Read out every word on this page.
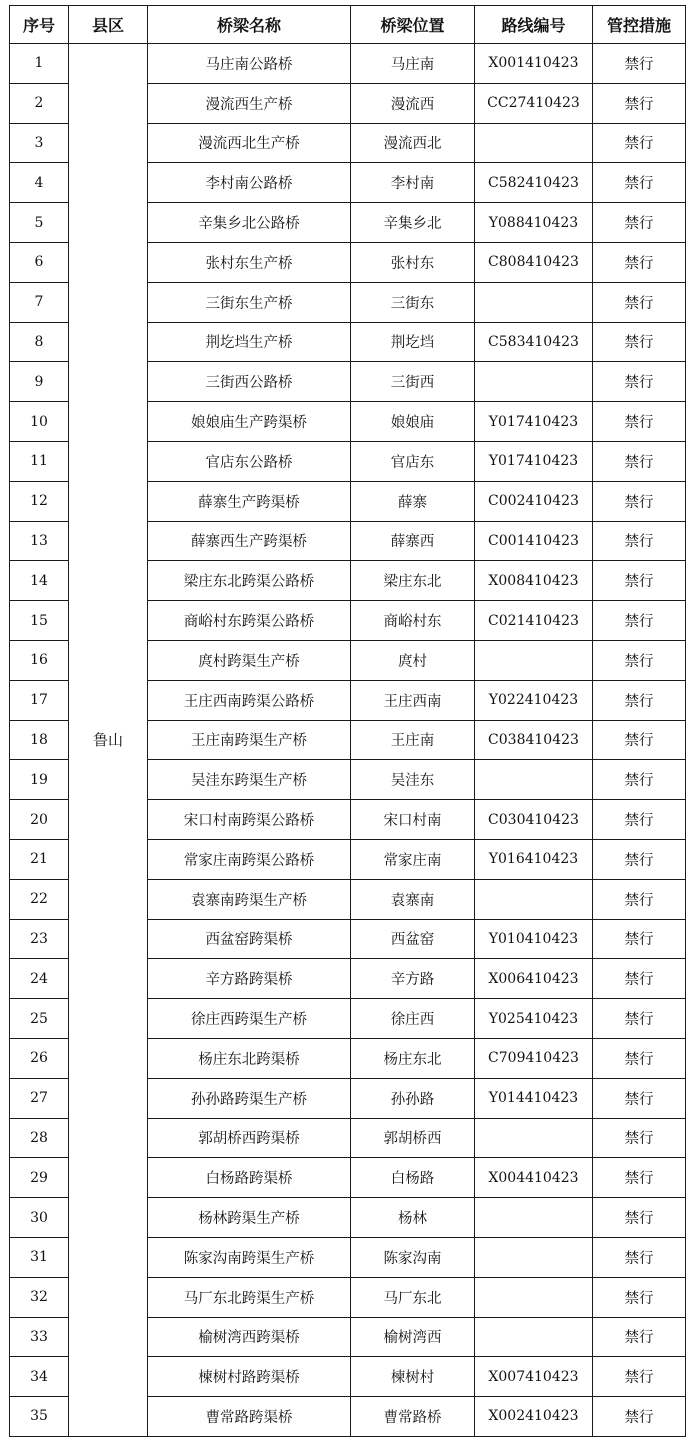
序号	县区	桥梁名称	桥梁位置	路线编号	管控措施
1	鲁山	马庄南公路桥	马庄南	X001410423	禁行
2		漫流西生产桥	漫流西	CC27410423	禁行
3		漫流西北生产桥	漫流西北		禁行
4		李村南公路桥	李村南	C582410423	禁行
5		辛集乡北公路桥	辛集乡北	Y088410423	禁行
6		张村东生产桥	张村东	C808410423	禁行
7		三街东生产桥	三街东		禁行
8		荆圪垱生产桥	荆圪垱	C583410423	禁行
9		三街西公路桥	三街西		禁行
10		娘娘庙生产跨渠桥	娘娘庙	Y017410423	禁行
11		官店东公路桥	官店东	Y017410423	禁行
12		薛寨生产跨渠桥	薛寨	C002410423	禁行
13		薛寨西生产跨渠桥	薛寨西	C001410423	禁行
14		梁庄东北跨渠公路桥	梁庄东北	X008410423	禁行
15		商峪村东跨渠公路桥	商峪村东	C021410423	禁行
16		庹村跨渠生产桥	庹村		禁行
17		王庄西南跨渠公路桥	王庄西南	Y022410423	禁行
18		王庄南跨渠生产桥	王庄南	C038410423	禁行
19		吴洼东跨渠生产桥	吴洼东		禁行
20		宋口村南跨渠公路桥	宋口村南	C030410423	禁行
21		常家庄南跨渠公路桥	常家庄南	Y016410423	禁行
22		袁寨南跨渠生产桥	袁寨南		禁行
23		西盆窑跨渠桥	西盆窑	Y010410423	禁行
24		辛方路跨渠桥	辛方路	X006410423	禁行
25		徐庄西跨渠生产桥	徐庄西	Y025410423	禁行
26		杨庄东北跨渠桥	杨庄东北	C709410423	禁行
27		孙孙路跨渠生产桥	孙孙路	Y014410423	禁行
28		郭胡桥西跨渠桥	郭胡桥西		禁行
29		白杨路跨渠桥	白杨路	X004410423	禁行
30		杨林跨渠生产桥	杨林		禁行
31		陈家沟南跨渠生产桥	陈家沟南		禁行
32		马厂东北跨渠生产桥	马厂东北		禁行
33		榆树湾西跨渠桥	榆树湾西		禁行
34		楝树村路跨渠桥	楝树村	X007410423	禁行
35		曹常路跨渠桥	曹常路桥	X002410423	禁行
